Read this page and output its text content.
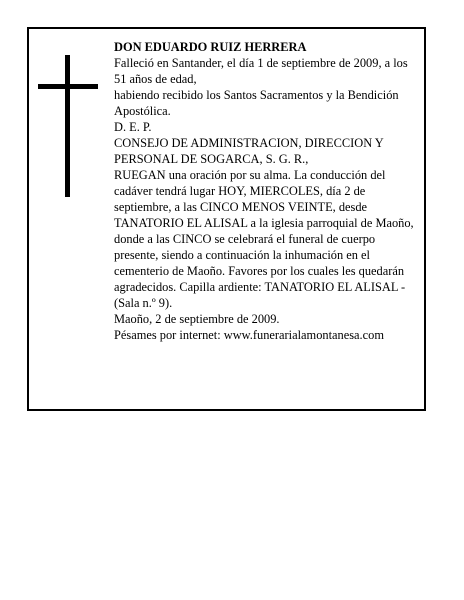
DON EDUARDO RUIZ HERRERA

Falleció en Santander, el día 1 de septiembre de 2009, a los 51 años de edad,

habiendo recibido los Santos Sacramentos y la Bendición Apostólica.

D. E. P.

CONSEJO DE ADMINISTRACION, DIRECCION Y PERSONAL DE SOGARCA, S. G. R.,

RUEGAN una oración por su alma. La conducción del cadáver tendrá lugar HOY, MIERCOLES, día 2 de septiembre, a las CINCO MENOS VEINTE, desde TANATORIO EL ALISAL a la iglesia parroquial de Maoño, donde a las CINCO se celebrará el funeral de cuerpo presente, siendo a continuación la inhumación en el cementerio de Maoño. Favores por los cuales les quedarán agradecidos. Capilla ardiente: TANATORIO EL ALISAL - (Sala n.º 9).

Maoño, 2 de septiembre de 2009.

Pésames por internet: www.funerarialamontanesa.com
